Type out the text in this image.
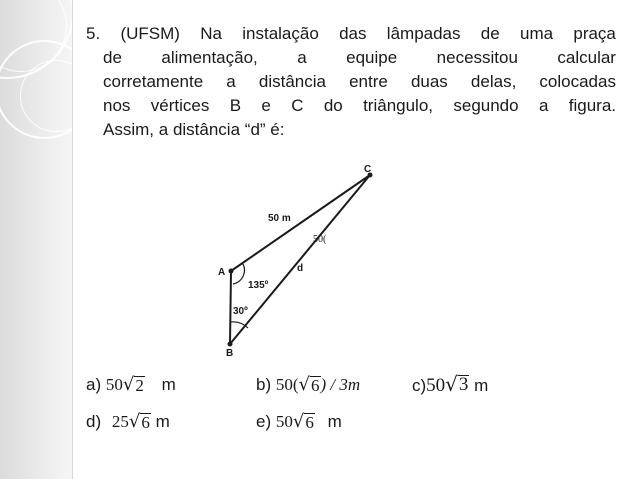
5. (UFSM) Na instalação das lâmpadas de uma praça
de alimentação, a equipe necessitou calcular
corretamente a distância entre duas delas, colocadas
nos vértices B e C do triângulo, segundo a figura.
Assim,
a
distância
“d”
é:
C
A
B
50 m
d
135º
30º
50(
a) 50 √ 2 m	b) 50( √ 6 ) / 3m	c)50 √ 3 m
d) 25 √ 6 m	e) 50 √ 6 m
